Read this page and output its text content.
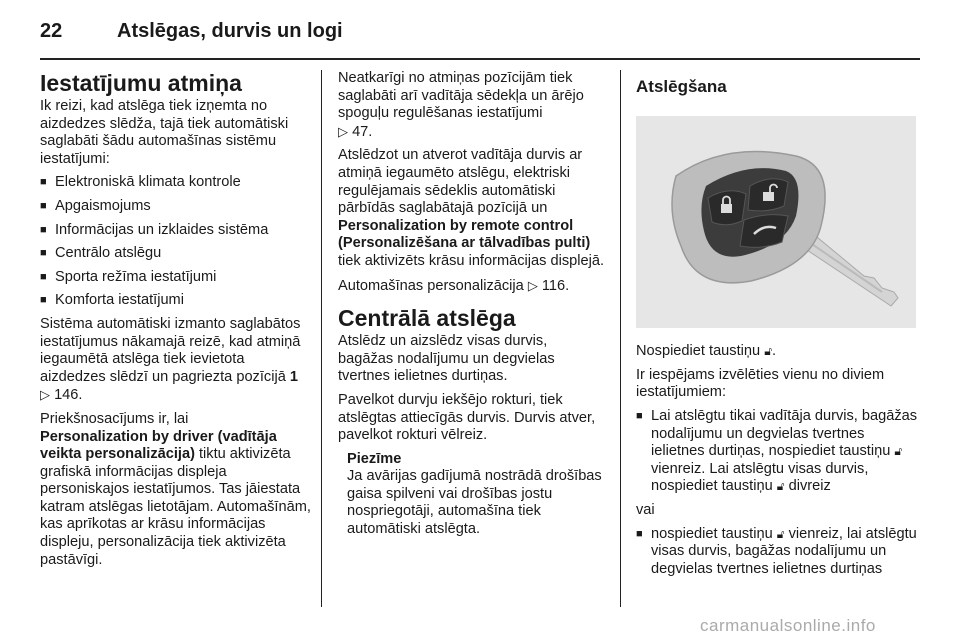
22	Atslēgas, durvis un logi
Iestatījumu atmiņa

Ik reizi, kad atslēga tiek izņemta no aizdedzes slēdža, tajā tiek automātiski saglabāti šādu automašīnas sistēmu iestatījumi:

■ Elektroniskā klimata kontrole
■ Apgaismojums
■ Informācijas un izklaides sistēma
■ Centrālo atslēgu
■ Sporta režīma iestatījumi
■ Komforta iestatījumi

Sistēma automātiski izmanto saglabātos iestatījumus nākamajā reizē, kad atmiņā iegaumētā atslēga tiek ievietota aizdedzes slēdzī un pagriezta pozīcijā 1 ▷ 146.

Priekšnosacījums ir, lai
Personalization by driver (vadītāja veikta personalizācija) tiktu aktivizēta grafiskā informācijas displeja personiskajos iestatījumos. Tas jāiestata katram atslēgas lietotājam. Automašīnām, kas aprīkotas ar krāsu informācijas displeju, personalizācija tiek aktivizēta pastāvīgi.

Neatkarīgi no atmiņas pozīcijām tiek saglabāti arī vadītāja sēdekļa un ārējo spoguļu regulēšanas iestatījumi
▷ 47.

Atslēdzot un atverot vadītāja durvis ar atmiņā iegaumēto atslēgu, elektriski regulējamais sēdeklis automātiski pārbīdās saglabātajā pozīcijā un Personalization by remote control (Personalizēšana ar tālvadības pulti) tiek aktivizēts krāsu informācijas displejā.

Automašīnas personalizācija ▷ 116.

Centrālā atslēga

Atslēdz un aizslēdz visas durvis, bagāžas nodalījumu un degvielas tvertnes ielietnes durtiņas.

Pavelkot durvju iekšējo rokturi, tiek atslēgtas attiecīgās durvis. Durvis atver, pavelkot rokturi vēlreiz.

Piezīme
Ja avārijas gadījumā nostrādā drošības gaisa spilveni vai drošības jostu nospriegotāji, automašīna tiek automātiski atslēgta.
Atslēgšana

Nospiediet taustiņu 🔓︎.

Ir iespējams izvēlēties vienu no diviem iestatījumiem:

■ Lai atslēgtu tikai vadītāja durvis, bagāžas nodalījumu un degvielas tvertnes ielietnes durtiņas, nospiediet taustiņu 🔓︎ vienreiz. Lai atslēgtu visas durvis, nospiediet taustiņu 🔓︎ divreiz

vai

■ nospiediet taustiņu 🔓︎ vienreiz, lai atslēgtu visas durvis, bagāžas nodalījumu un degvielas tvertnes ielietnes durtiņas
carmanualsonline.info
